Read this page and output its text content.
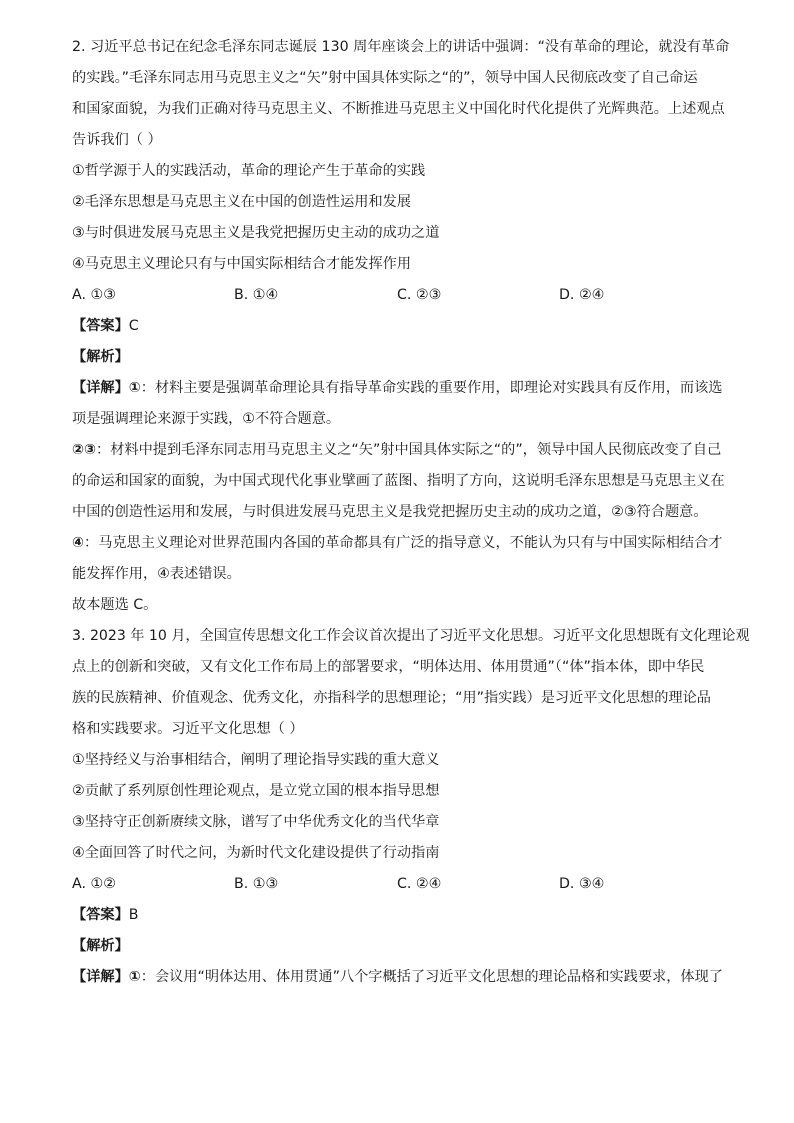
2. 习近平总书记在纪念毛泽东同志诞辰 130 周年座谈会上的讲话中强调：“没有革命的理论，就没有革命
的实践。”毛泽东同志用马克思主义之“矢”射中国具体实际之“的”，领导中国人民彻底改变了自己命运
和国家面貌，为我们正确对待马克思主义、不断推进马克思主义中国化时代化提供了光辉典范。上述观点
告诉我们（ ）
①哲学源于人的实践活动，革命的理论产生于革命的实践
②毛泽东思想是马克思主义在中国的创造性运用和发展
③与时俱进发展马克思主义是我党把握历史主动的成功之道
④马克思主义理论只有与中国实际相结合才能发挥作用
A. ①③	B. ①④	C. ②③	D. ②④
【答案】C
【解析】
【详解】①：材料主要是强调革命理论具有指导革命实践的重要作用，即理论对实践具有反作用，而该选
项是强调理论来源于实践，①不符合题意。
②③：材料中提到毛泽东同志用马克思主义之“矢”射中国具体实际之“的”，领导中国人民彻底改变了自己
的命运和国家的面貌，为中国式现代化事业擘画了蓝图、指明了方向，这说明毛泽东思想是马克思主义在
中国的创造性运用和发展，与时俱进发展马克思主义是我党把握历史主动的成功之道，②③符合题意。
④：马克思主义理论对世界范围内各国的革命都具有广泛的指导意义，不能认为只有与中国实际相结合才
能发挥作用，④表述错误。
故本题选 C。
3. 2023 年 10 月，全国宣传思想文化工作会议首次提出了习近平文化思想。习近平文化思想既有文化理论观
点上的创新和突破，又有文化工作布局上的部署要求，“明体达用、体用贯通”（“体”指本体，即中华民
族的民族精神、价值观念、优秀文化，亦指科学的思想理论；“用”指实践）是习近平文化思想的理论品
格和实践要求。习近平文化思想（ ）
①坚持经义与治事相结合，阐明了理论指导实践的重大意义
②贡献了系列原创性理论观点，是立党立国的根本指导思想
③坚持守正创新赓续文脉，谱写了中华优秀文化的当代华章
④全面回答了时代之问，为新时代文化建设提供了行动指南
A. ①②	B. ①③	C. ②④	D. ③④
【答案】B
【解析】
【详解】①：会议用“明体达用、体用贯通”八个字概括了习近平文化思想的理论品格和实践要求，体现了
